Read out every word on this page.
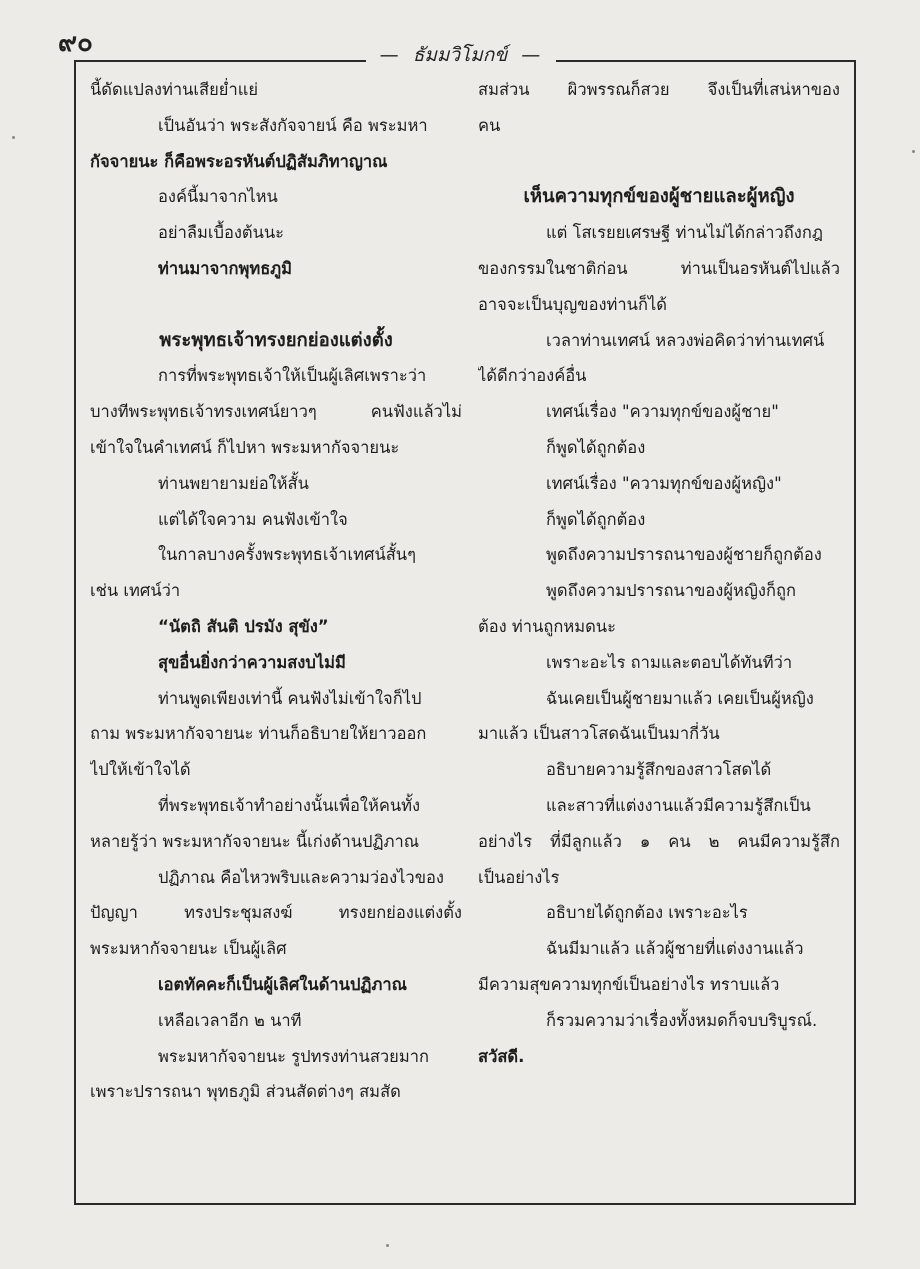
๙๐	— ธัมมวิโมกข์ —

นี้ดัดแปลงท่านเสียย่ำแย่

เป็นอันว่า พระสังกัจจายน์ คือ พระมหา

กัจจายนะ ก็คือพระอรหันต์ปฏิสัมภิทาญาณ

องค์นี้มาจากไหน

อย่าลืมเบื้องต้นนะ

ท่านมาจากพุทธภูมิ

พระพุทธเจ้าทรงยกย่องแต่งตั้ง

การที่พระพุทธเจ้าให้เป็นผู้เลิศเพราะว่า

บางทีพระพุทธเจ้าทรงเทศน์ยาวๆ คนฟังแล้วไม่

เข้าใจในคำเทศน์ ก็ไปหา พระมหากัจจายนะ

ท่านพยายามย่อให้สั้น

แต่ได้ใจความ คนฟังเข้าใจ

ในกาลบางครั้งพระพุทธเจ้าเทศน์สั้นๆ

เช่น เทศน์ว่า

“นัตถิ สันติ ปรมัง สุขัง”

สุขอื่นยิ่งกว่าความสงบไม่มี

ท่านพูดเพียงเท่านี้ คนฟังไม่เข้าใจก็ไป

ถาม พระมหากัจจายนะ ท่านก็อธิบายให้ยาวออก

ไปให้เข้าใจได้

ที่พระพุทธเจ้าทำอย่างนั้นเพื่อให้คนทั้ง

หลายรู้ว่า พระมหากัจจายนะ นี้เก่งด้านปฏิภาณ

ปฏิภาณ คือไหวพริบและความว่องไวของ

ปัญญา ทรงประชุมสงฆ์ ทรงยกย่องแต่งตั้ง

พระมหากัจจายนะ เป็นผู้เลิศ

เอตทัคคะก็เป็นผู้เลิศในด้านปฏิภาณ

เหลือเวลาอีก ๒ นาที

พระมหากัจจายนะ รูปทรงท่านสวยมาก

เพราะปรารถนา พุทธภูมิ ส่วนสัดต่างๆ สมสัด

สมส่วน ผิวพรรณก็สวย จึงเป็นที่เสน่หาของ

คน

เห็นความทุกข์ของผู้ชายและผู้หญิง

แต่ โสเรยยเศรษฐี ท่านไม่ได้กล่าวถึงกฎ

ของกรรมในชาติก่อน ท่านเป็นอรหันต์ไปแล้ว

อาจจะเป็นบุญของท่านก็ได้

เวลาท่านเทศน์ หลวงพ่อคิดว่าท่านเทศน์

ได้ดีกว่าองค์อื่น

เทศน์เรื่อง "ความทุกข์ของผู้ชาย"

ก็พูดได้ถูกต้อง

เทศน์เรื่อง "ความทุกข์ของผู้หญิง"

ก็พูดได้ถูกต้อง

พูดถึงความปรารถนาของผู้ชายก็ถูกต้อง

พูดถึงความปรารถนาของผู้หญิงก็ถูก

ต้อง ท่านถูกหมดนะ

เพราะอะไร ถามและตอบได้ทันทีว่า

ฉันเคยเป็นผู้ชายมาแล้ว เคยเป็นผู้หญิง

มาแล้ว เป็นสาวโสดฉันเป็นมากี่วัน

อธิบายความรู้สึกของสาวโสดได้

และสาวที่แต่งงานแล้วมีความรู้สึกเป็น

อย่างไร ที่มีลูกแล้ว ๑ คน ๒ คนมีความรู้สึก

เป็นอย่างไร

อธิบายได้ถูกต้อง เพราะอะไร

ฉันมีมาแล้ว แล้วผู้ชายที่แต่งงานแล้ว

มีความสุขความทุกข์เป็นอย่างไร ทราบแล้ว

ก็รวมความว่าเรื่องทั้งหมดก็จบบริบูรณ์.

สวัสดี.
